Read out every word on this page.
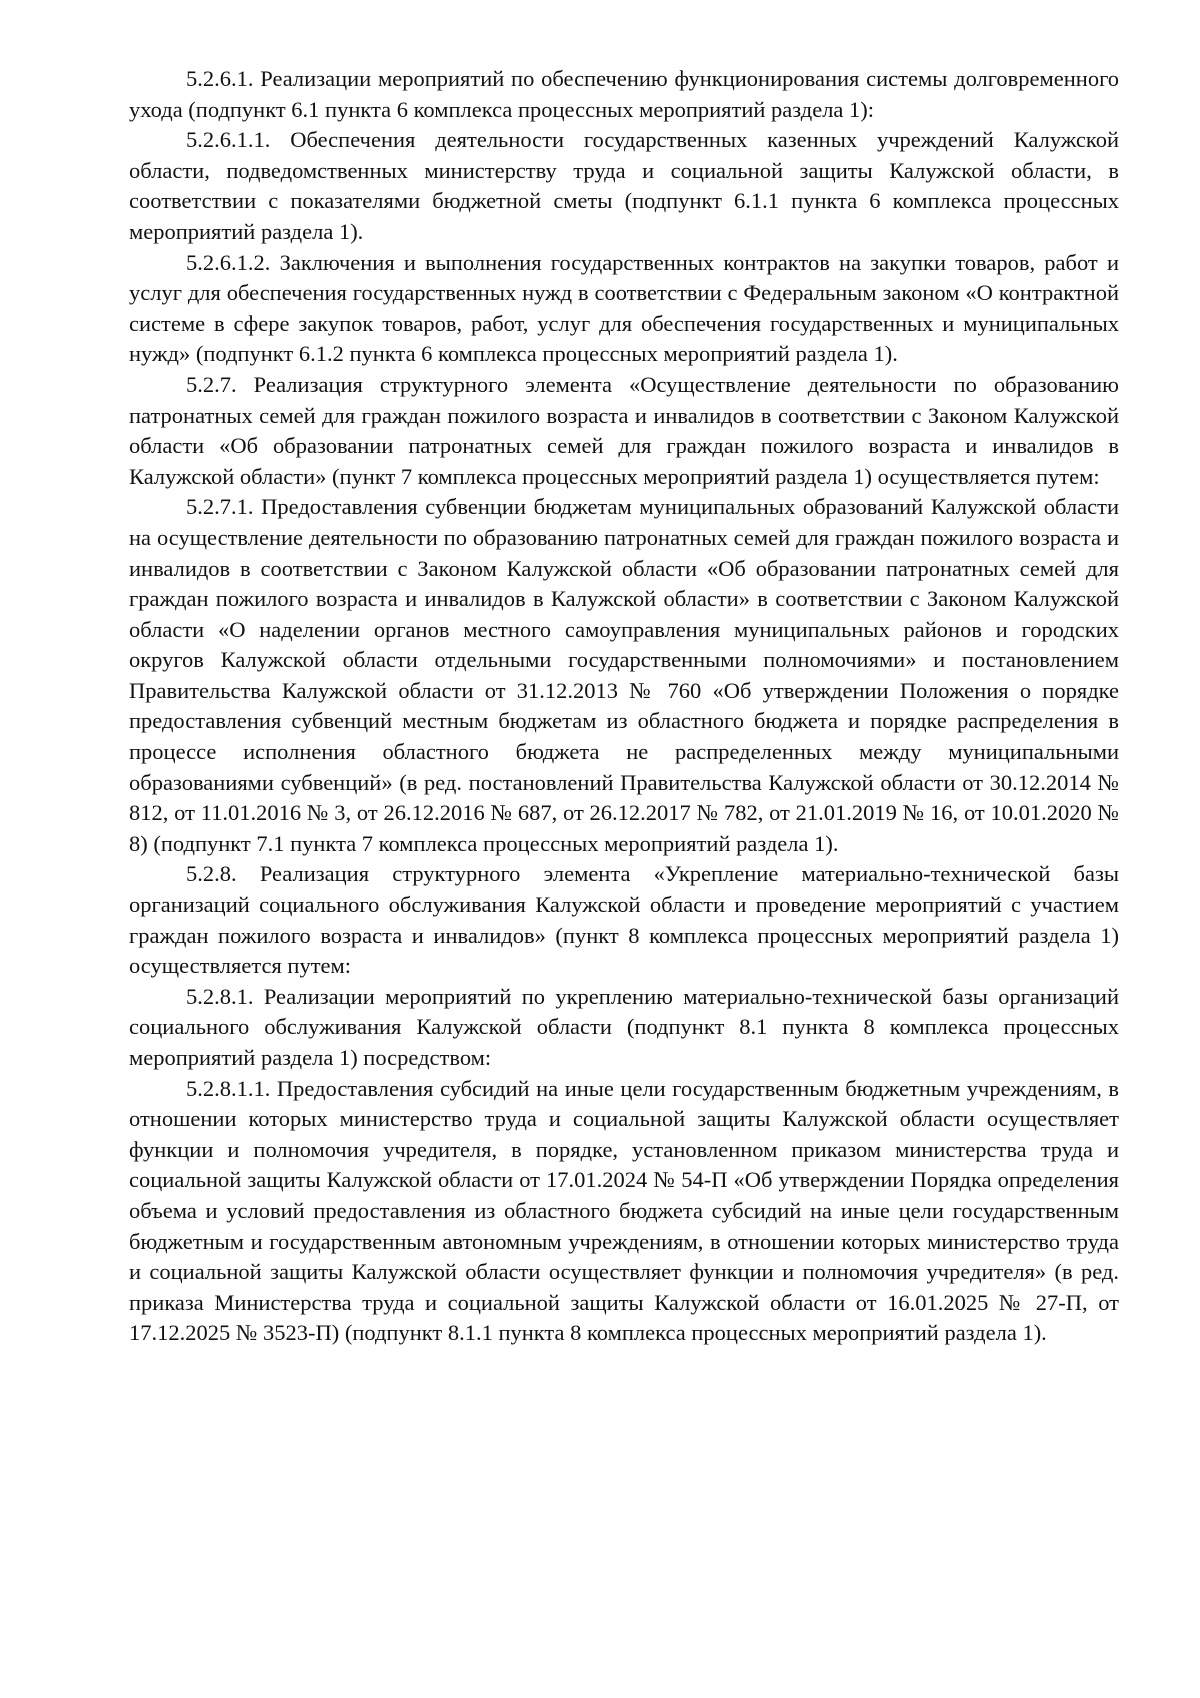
5.2.6.1. Реализации мероприятий по обеспечению функционирования системы долговременного ухода (подпункт 6.1 пункта 6 комплекса процессных мероприятий раздела 1):

5.2.6.1.1. Обеспечения деятельности государственных казенных учреждений Калужской области, подведомственных министерству труда и социальной защиты Калужской области, в соответствии с показателями бюджетной сметы (подпункт 6.1.1 пункта 6 комплекса процессных мероприятий раздела 1).

5.2.6.1.2. Заключения и выполнения государственных контрактов на закупки товаров, работ и услуг для обеспечения государственных нужд в соответствии с Федеральным законом «О контрактной системе в сфере закупок товаров, работ, услуг для обеспечения государственных и муниципальных нужд» (подпункт 6.1.2 пункта 6 комплекса процессных мероприятий раздела 1).

5.2.7. Реализация структурного элемента «Осуществление деятельности по образованию патронатных семей для граждан пожилого возраста и инвалидов в соответствии с Законом Калужской области «Об образовании патронатных семей для граждан пожилого возраста и инвалидов в Калужской области» (пункт 7 комплекса процессных мероприятий раздела 1) осуществляется путем:

5.2.7.1. Предоставления субвенции бюджетам муниципальных образований Калужской области на осуществление деятельности по образованию патронатных семей для граждан пожилого возраста и инвалидов в соответствии с Законом Калужской области «Об образовании патронатных семей для граждан пожилого возраста и инвалидов в Калужской области» в соответствии с Законом Калужской области «О наделении органов местного самоуправления муниципальных районов и городских округов Калужской области отдельными государственными полномочиями» и постановлением Правительства Калужской области от 31.12.2013 № 760 «Об утверждении Положения о порядке предоставления субвенций местным бюджетам из областного бюджета и порядке распределения в процессе исполнения областного бюджета не распределенных между муниципальными образованиями субвенций» (в ред. постановлений Правительства Калужской области от 30.12.2014 № 812, от 11.01.2016 № 3, от 26.12.2016 № 687, от 26.12.2017 № 782, от 21.01.2019 № 16, от 10.01.2020 № 8) (подпункт 7.1 пункта 7 комплекса процессных мероприятий раздела 1).

5.2.8. Реализация структурного элемента «Укрепление материально-технической базы организаций социального обслуживания Калужской области и проведение мероприятий с участием граждан пожилого возраста и инвалидов» (пункт 8 комплекса процессных мероприятий раздела 1) осуществляется путем:

5.2.8.1. Реализации мероприятий по укреплению материально-технической базы организаций социального обслуживания Калужской области (подпункт 8.1 пункта 8 комплекса процессных мероприятий раздела 1) посредством:

5.2.8.1.1. Предоставления субсидий на иные цели государственным бюджетным учреждениям, в отношении которых министерство труда и социальной защиты Калужской области осуществляет функции и полномочия учредителя, в порядке, установленном приказом министерства труда и социальной защиты Калужской области от 17.01.2024 № 54-П «Об утверждении Порядка определения объема и условий предоставления из областного бюджета субсидий на иные цели государственным бюджетным и государственным автономным учреждениям, в отношении которых министерство труда и социальной защиты Калужской области осуществляет функции и полномочия учредителя» (в ред. приказа Министерства труда и социальной защиты Калужской области от 16.01.2025 № 27-П, от 17.12.2025 № 3523-П) (подпункт 8.1.1 пункта 8 комплекса процессных мероприятий раздела 1).
